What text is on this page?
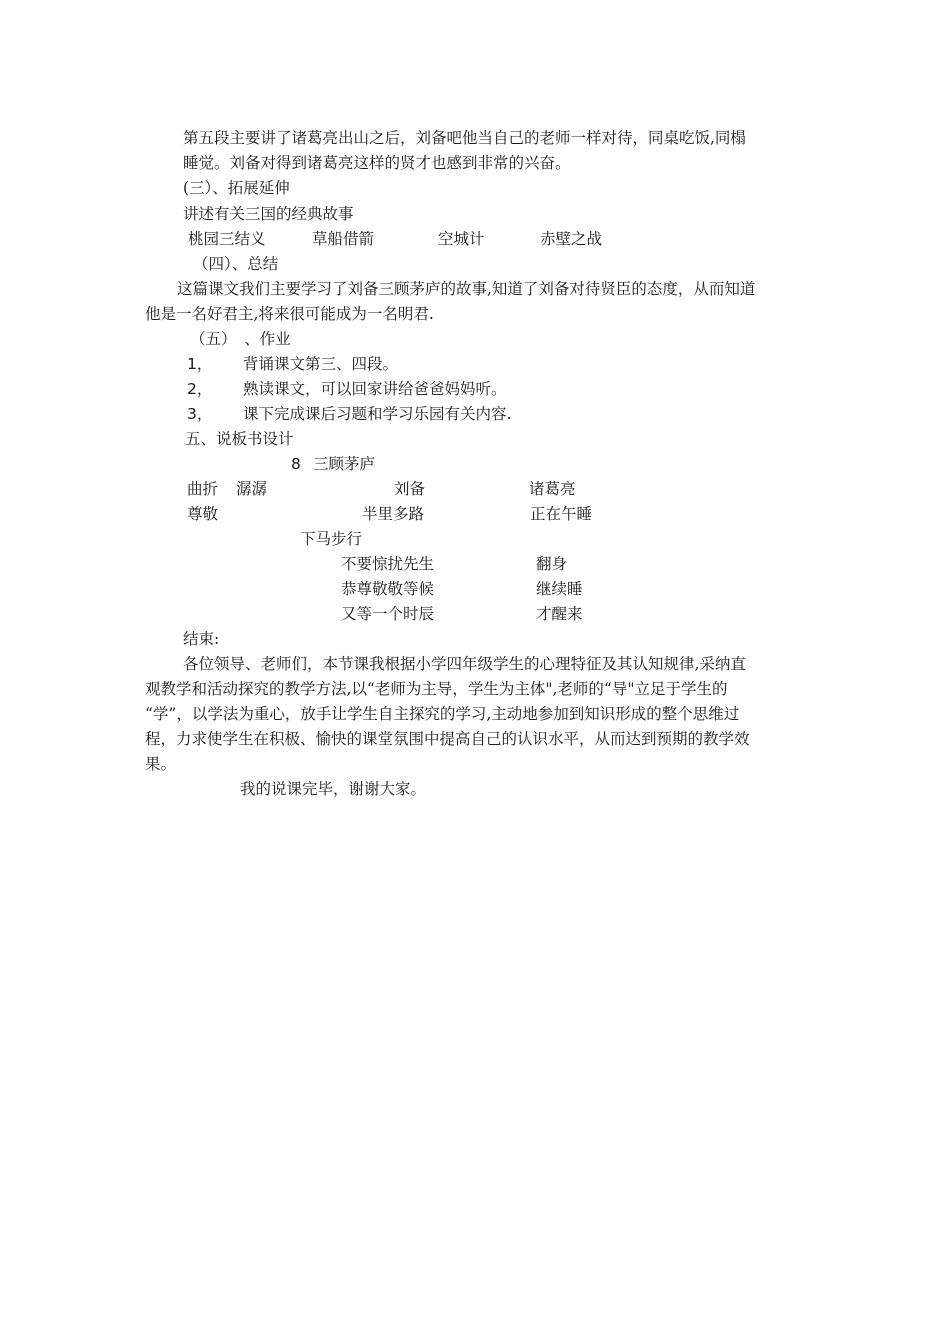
第五段主要讲了诸葛亮出山之后，刘备吧他当自己的老师一样对待，同桌吃饭,同榻
睡觉。刘备对得到诸葛亮这样的贤才也感到非常的兴奋。
(三）、拓展延伸
讲述有关三国的经典故事
桃园三结义	草船借箭	空城计	赤壁之战
（四）、总结
这篇课文我们主要学习了刘备三顾茅庐的故事,知道了刘备对待贤臣的态度，从而知道
他是一名好君主,将来很可能成为一名明君.
（五）　、作业
1， 背诵课文第三、四段。
2， 熟读课文，可以回家讲给爸爸妈妈听。
3， 课下完成课后习题和学习乐园有关内容.
五、说板书设计
8 三顾茅庐
曲折 潺潺	刘备	诸葛亮
尊敬	半里多路	正在午睡
下马步行
不要惊扰先生	翻身
恭尊敬敬等候	继续睡
又等一个时辰	才醒来
结束:
各位领导、老师们，本节课我根据小学四年级学生的心理特征及其认知规律,采纳直
观教学和活动探究的教学方法,以“老师为主导，学生为主体",老师的“导"立足于学生的
“学”，以学法为重心，放手让学生自主探究的学习,主动地参加到知识形成的整个思维过
程，力求使学生在积极、愉快的课堂氛围中提高自己的认识水平，从而达到预期的教学效
果。
我的说课完毕，谢谢大家。
